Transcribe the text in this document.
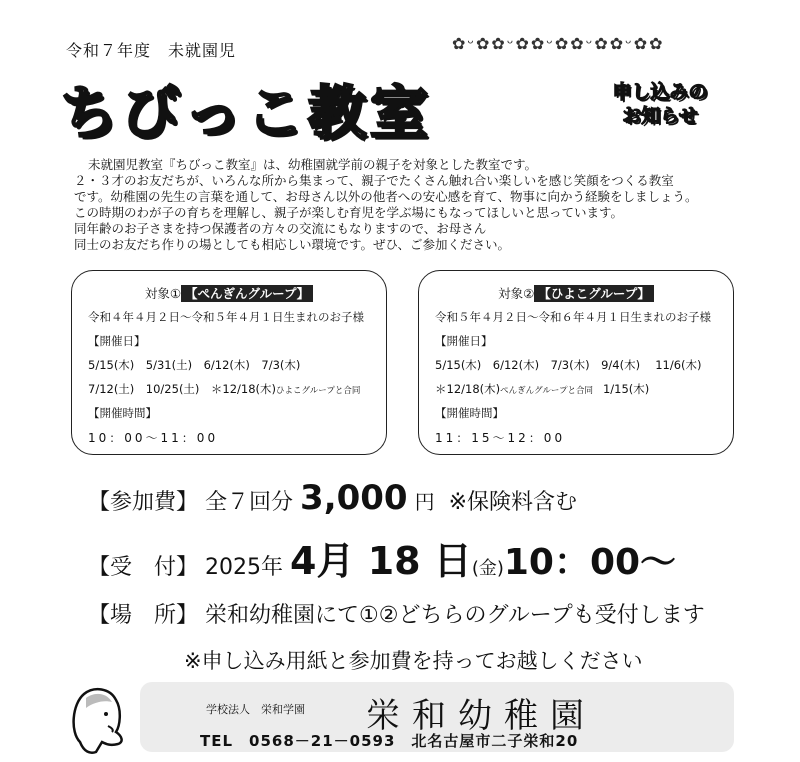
令和７年度　未就園児	✿ᵕ✿✿ᵕ✿✿ᵕ✿✿ᵕ✿✿ᵕ✿✿
ちびっこ教室	申し込みの
お知らせ
未就園児教室『ちびっこ教室』は、幼稚園就学前の親子を対象とした教室です。
２・３才のお友だちが、いろんな所から集まって、親子でたくさん触れ合い楽しいを感じ笑顔をつくる教室
です。幼稚園の先生の言葉を通して、お母さん以外の他者への安心感を育て、物事に向かう経験をしましょう。
この時期のわが子の育ちを理解し、親子が楽しむ育児を学ぶ場にもなってほしいと思っています。
同年齢のお子さまを持つ保護者の方々の交流にもなりますので、お母さん
同士のお友だち作りの場としても相応しい環境です。ぜひ、ご参加ください。
対象① 【ぺんぎんグループ】
令和４年４月２日～令和５年４月１日生まれのお子様
【開催日】
5/15(木)　5/31(土)　6/12(木)　7/3(木)
7/12(土)　10/25(土)　＊12/18(木)ひよこグループと合同
【開催時間】
10：00～11：00
対象② 【ひよこグループ】
令和５年４月２日～令和６年４月１日生まれのお子様
【開催日】
5/15(木)　6/12(木)　7/3(木)　9/4(木)　 11/6(木)
＊12/18(木)ぺんぎんグループと合同 1/15(木)
【開催時間】
11：15～12：00
【参加費】 全７回分 3,000 円 ※保険料含む
【受　付】 2025年 4月 18 日(金)10：00～
【場　所】 栄和幼稚園にて①②どちらのグループも受付します
※申し込み用紙と参加費を持ってお越しください
学校法人　栄和学園 栄和幼稚園
TEL　0568－21－0593　北名古屋市二子栄和20
